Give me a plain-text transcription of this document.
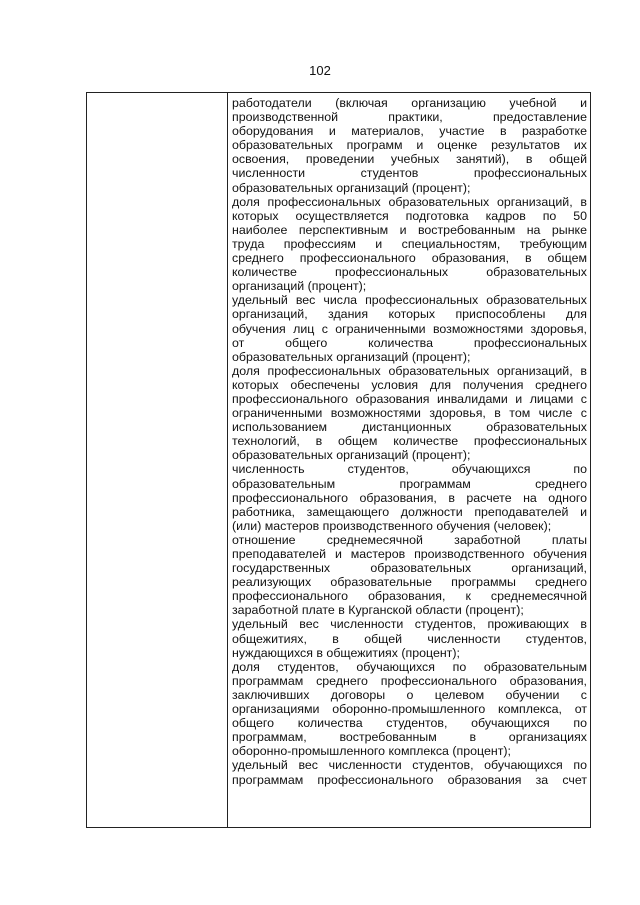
102
работодатели (включая организацию учебной и
производственной практики, предоставление
оборудования и материалов, участие в разработке
образовательных программ и оценке результатов их
освоения, проведении учебных занятий), в общей
численности студентов профессиональных
образовательных организаций (процент);
доля профессиональных образовательных организаций, в
которых осуществляется подготовка кадров по 50
наиболее перспективным и востребованным на рынке
труда профессиям и специальностям, требующим
среднего профессионального образования, в общем
количестве профессиональных образовательных
организаций (процент);
удельный вес числа профессиональных образовательных
организаций, здания которых приспособлены для
обучения лиц с ограниченными возможностями здоровья,
от общего количества профессиональных
образовательных организаций (процент);
доля профессиональных образовательных организаций, в
которых обеспечены условия для получения среднего
профессионального образования инвалидами и лицами с
ограниченными возможностями здоровья, в том числе с
использованием дистанционных образовательных
технологий, в общем количестве профессиональных
образовательных организаций (процент);
численность студентов, обучающихся по
образовательным программам среднего
профессионального образования, в расчете на одного
работника, замещающего должности преподавателей и
(или) мастеров производственного обучения (человек);
отношение среднемесячной заработной платы
преподавателей и мастеров производственного обучения
государственных образовательных организаций,
реализующих образовательные программы среднего
профессионального образования, к среднемесячной
заработной плате в Курганской области (процент);
удельный вес численности студентов, проживающих в
общежитиях, в общей численности студентов,
нуждающихся в общежитиях (процент);
доля студентов, обучающихся по образовательным
программам среднего профессионального образования,
заключивших договоры о целевом обучении с
организациями оборонно-промышленного комплекса, от
общего количества студентов, обучающихся по
программам, востребованным в организациях
оборонно-промышленного комплекса (процент);
удельный вес численности студентов, обучающихся по
программам профессионального образования за счет
